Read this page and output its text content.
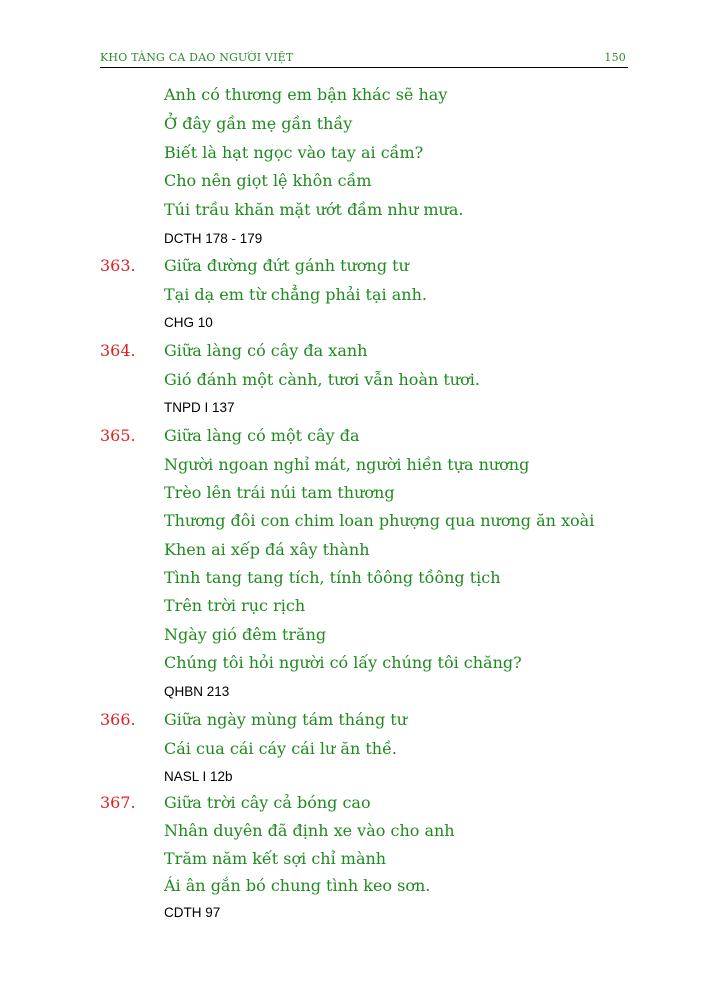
KHO TÀNG CA DAO NGƯỜI VIỆT	150
Anh có thương em bận khác sẽ hay
Ở đây gần mẹ gần thầy
Biết là hạt ngọc vào tay ai cầm?
Cho nên giọt lệ khôn cầm
Túi trầu khăn mặt ướt đầm như mưa.
DCTH 178 - 179
363. Giữa đường đứt gánh tương tư
Tại dạ em từ chẳng phải tại anh.
CHG 10
364. Giữa làng có cây đa xanh
Gió đánh một cành, tươi vẫn hoàn tươi.
TNPD I 137
365. Giữa làng có một cây đa
Người ngoan nghỉ mát, người hiền tựa nương
Trèo lên trái núi tam thương
Thương đôi con chim loan phượng qua nương ăn xoài
Khen ai xếp đá xây thành
Tình tang tang tích, tính tôông tồông tịch
Trên trời rục rịch
Ngày gió đêm trăng
Chúng tôi hỏi người có lấy chúng tôi chăng?
QHBN 213
366. Giữa ngày mùng tám tháng tư
Cái cua cái cáy cái lư ăn thề.
NASL I 12b
367. Giữa trời cây cả bóng cao
Nhân duyên đã định xe vào cho anh
Trăm năm kết sợi chỉ mành
Ái ân gắn bó chung tình keo sơn.
CDTH 97
